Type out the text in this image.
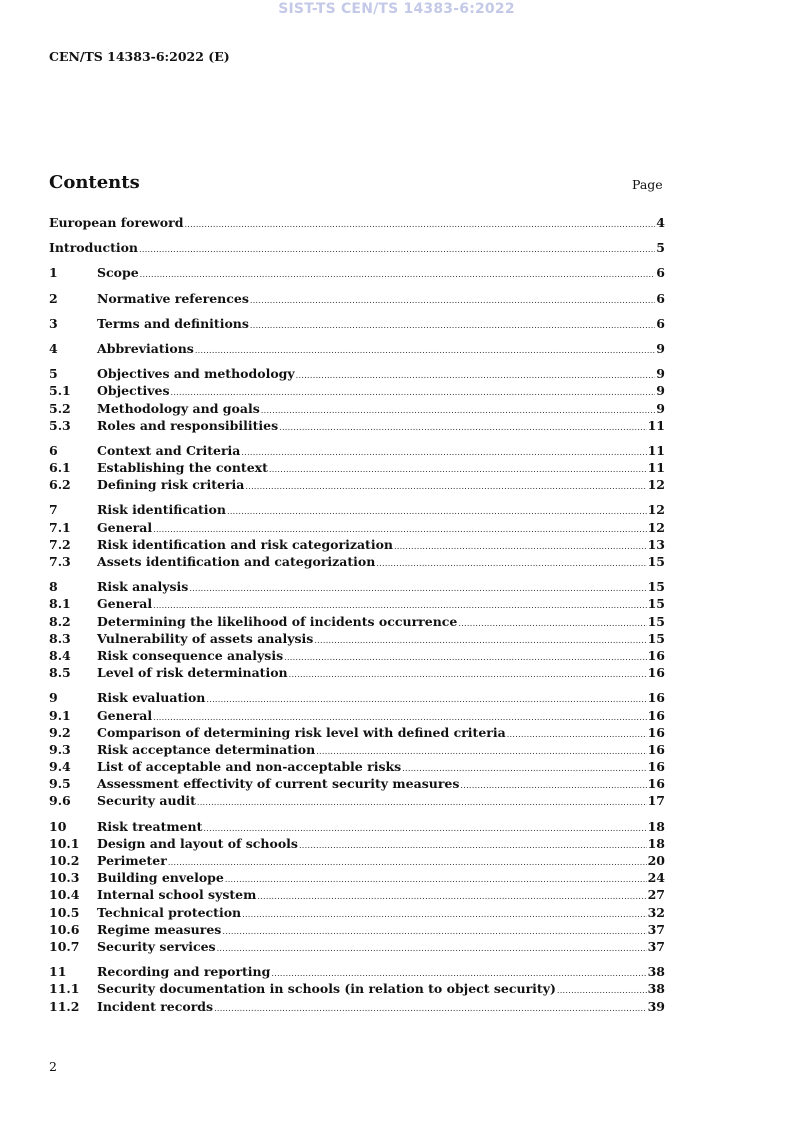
SIST-TS CEN/TS 14383-6:2022
CEN/TS 14383-6:2022 (E)
Contents	Page
European foreword .....	4
Introduction .....	5
1	Scope .....	6
2	Normative references .....	6
3	Terms and definitions .....	6
4	Abbreviations .....	9
5	Objectives and methodology .....	9
5.1	Objectives .....	9
5.2	Methodology and goals .....	9
5.3	Roles and responsibilities .....	11
6	Context and Criteria .....	11
6.1	Establishing the context .....	11
6.2	Defining risk criteria .....	12
7	Risk identification .....	12
7.1	General .....	12
7.2	Risk identification and risk categorization .....	13
7.3	Assets identification and categorization .....	15
8	Risk analysis .....	15
8.1	General .....	15
8.2	Determining the likelihood of incidents occurrence .....	15
8.3	Vulnerability of assets analysis .....	15
8.4	Risk consequence analysis .....	16
8.5	Level of risk determination .....	16
9	Risk evaluation .....	16
9.1	General .....	16
9.2	Comparison of determining risk level with defined criteria .....	16
9.3	Risk acceptance determination .....	16
9.4	List of acceptable and non-acceptable risks .....	16
9.5	Assessment effectivity of current security measures .....	16
9.6	Security audit .....	17
10	Risk treatment .....	18
10.1	Design and layout of schools .....	18
10.2	Perimeter .....	20
10.3	Building envelope .....	24
10.4	Internal school system .....	27
10.5	Technical protection .....	32
10.6	Regime measures .....	37
10.7	Security services .....	37
11	Recording and reporting .....	38
11.1	Security documentation in schools (in relation to object security) .....	38
11.2	Incident records .....	39
2
